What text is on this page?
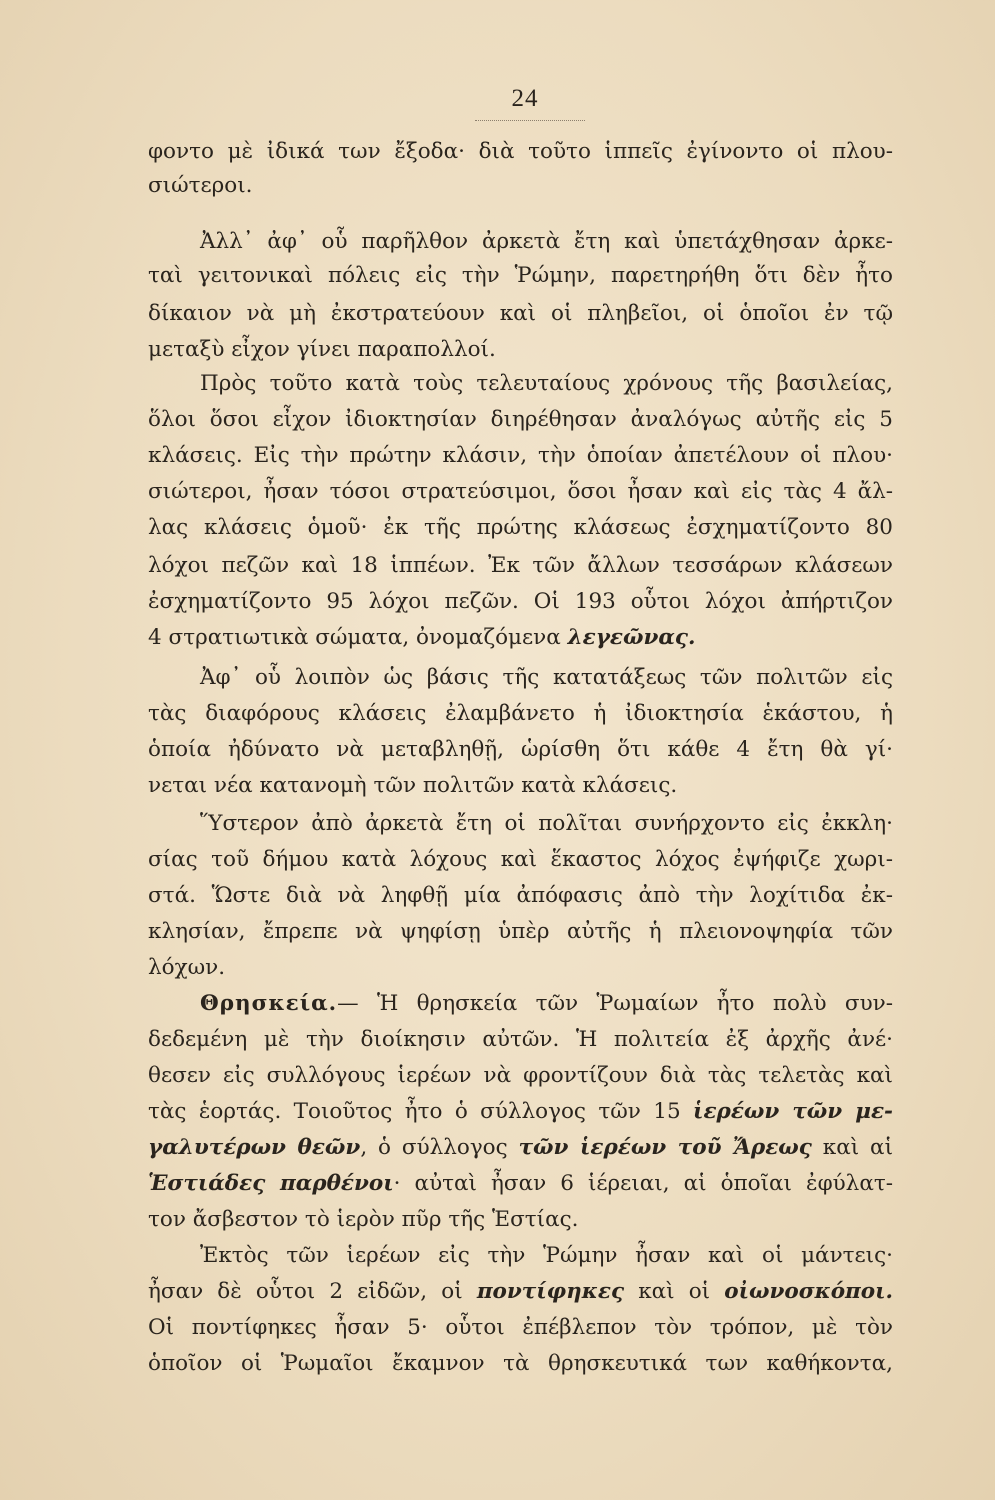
24
φοντο μὲ ἰδικά των ἔξοδα· διὰ τοῦτο ἱππεῖς ἐγίνοντο οἱ πλου-
σιώτεροι.
Ἀλλ᾽ ἀφ᾽ οὗ παρῆλθον ἀρκετὰ ἔτη καὶ ὑπετάχθησαν ἀρκε-
ταὶ γειτονικαὶ πόλεις εἰς τὴν Ῥώμην, παρετηρήθη ὅτι δὲν ἦτο
δίκαιον νὰ μὴ ἐκστρατεύουν καὶ οἱ πληβεῖοι, οἱ ὁποῖοι ἐν τῷ
μεταξὺ εἶχον γίνει παραπολλοί.
Πρὸς τοῦτο κατὰ τοὺς τελευταίους χρόνους τῆς βασιλείας,
ὅλοι ὅσοι εἶχον ἰδιοκτησίαν διηρέθησαν ἀναλόγως αὐτῆς εἰς 5
κλάσεις. Εἰς τὴν πρώτην κλάσιν, τὴν ὁποίαν ἀπετέλουν οἱ πλου·
σιώτεροι, ἦσαν τόσοι στρατεύσιμοι, ὅσοι ἦσαν καὶ εἰς τὰς 4 ἄλ-
λας κλάσεις ὁμοῦ· ἐκ τῆς πρώτης κλάσεως ἐσχηματίζοντο 80
λόχοι πεζῶν καὶ 18 ἱππέων. Ἐκ τῶν ἄλλων τεσσάρων κλάσεων
ἐσχηματίζοντο 95 λόχοι πεζῶν. Οἱ 193 οὗτοι λόχοι ἀπήρτιζον
4 στρατιωτικὰ σώματα, ὀνομαζόμενα λεγεῶνας.
Ἀφ᾽ οὗ λοιπὸν ὡς βάσις τῆς κατατάξεως τῶν πολιτῶν εἰς
τὰς διαφόρους κλάσεις ἐλαμβάνετο ἡ ἰδιοκτησία ἑκάστου, ἡ
ὁποία ἠδύνατο νὰ μεταβληθῇ, ὡρίσθη ὅτι κάθε 4 ἔτη θὰ γί·
νεται νέα κατανομὴ τῶν πολιτῶν κατὰ κλάσεις.
Ὕστερον ἀπὸ ἀρκετὰ ἔτη οἱ πολῖται συνήρχοντο εἰς ἐκκλη·
σίας τοῦ δήμου κατὰ λόχους καὶ ἕκαστος λόχος ἐψήφιζε χωρι-
στά. Ὥστε διὰ νὰ ληφθῇ μία ἀπόφασις ἀπὸ τὴν λοχίτιδα ἐκ-
κλησίαν, ἔπρεπε νὰ ψηφίσῃ ὑπὲρ αὐτῆς ἡ πλειονοψηφία τῶν
λόχων.
Θρησκεία.— Ἡ θρησκεία τῶν Ῥωμαίων ἦτο πολὺ συν-
δεδεμένη μὲ τὴν διοίκησιν αὐτῶν. Ἡ πολιτεία ἐξ ἀρχῆς ἀνέ·
θεσεν εἰς συλλόγους ἱερέων νὰ φροντίζουν διὰ τὰς τελετὰς καὶ
τὰς ἑορτάς. Τοιοῦτος ἦτο ὁ σύλλογος τῶν 15 ἱερέων τῶν με-
γαλυτέρων θεῶν, ὁ σύλλογος τῶν ἱερέων τοῦ Ἄρεως καὶ αἱ
Ἑστιάδες παρθένοι· αὐταὶ ἦσαν 6 ἱέρειαι, αἱ ὁποῖαι ἐφύλατ-
τον ἄσβεστον τὸ ἱερὸν πῦρ τῆς Ἑστίας.
Ἐκτὸς τῶν ἱερέων εἰς τὴν Ῥώμην ἦσαν καὶ οἱ μάντεις·
ἦσαν δὲ οὗτοι 2 εἰδῶν, οἱ ποντίφηκες καὶ οἱ οἰωνοσκόποι.
Οἱ ποντίφηκες ἦσαν 5· οὗτοι ἐπέβλεπον τὸν τρόπον, μὲ τὸν
ὁποῖον οἱ Ῥωμαῖοι ἔκαμνον τὰ θρησκευτικά των καθήκοντα,
